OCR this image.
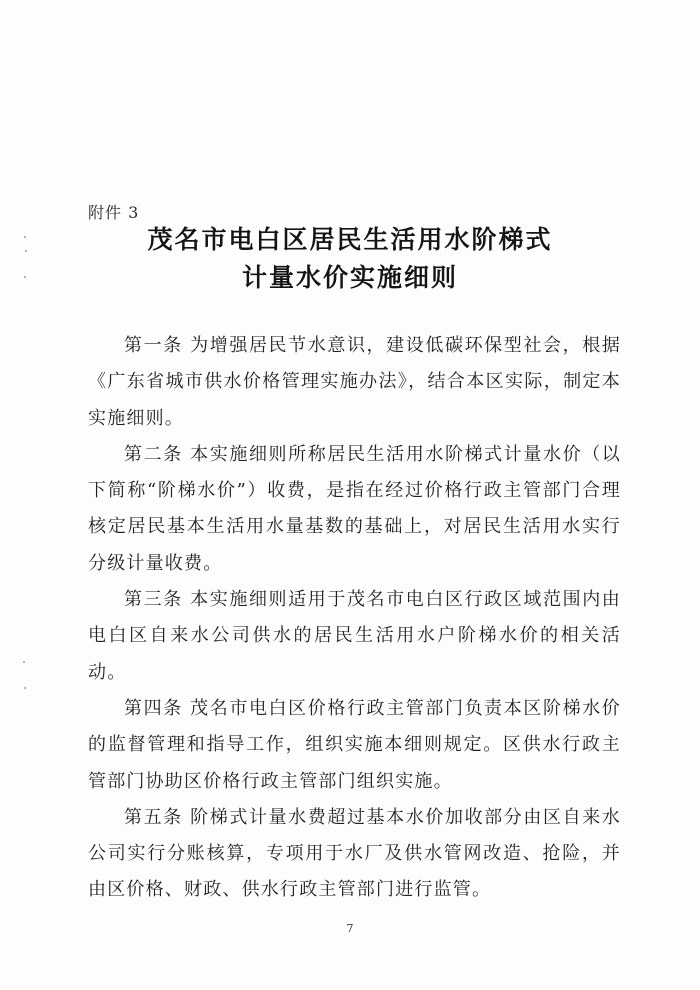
附件 3
茂名市电白区居民生活用水阶梯式
计量水价实施细则

第一条 为增强居民节水意识，建设低碳环保型社会，根据《广东省城市供水价格管理实施办法》，结合本区实际，制定本实施细则。

第二条 本实施细则所称居民生活用水阶梯式计量水价（以下简称“阶梯水价”）收费，是指在经过价格行政主管部门合理核定居民基本生活用水量基数的基础上，对居民生活用水实行分级计量收费。

第三条 本实施细则适用于茂名市电白区行政区域范围内由电白区自来水公司供水的居民生活用水户阶梯水价的相关活动。

第四条 茂名市电白区价格行政主管部门负责本区阶梯水价的监督管理和指导工作，组织实施本细则规定。区供水行政主管部门协助区价格行政主管部门组织实施。

第五条 阶梯式计量水费超过基本水价加收部分由区自来水公司实行分账核算，专项用于水厂及供水管网改造、抢险，并由区价格、财政、供水行政主管部门进行监管。

7
